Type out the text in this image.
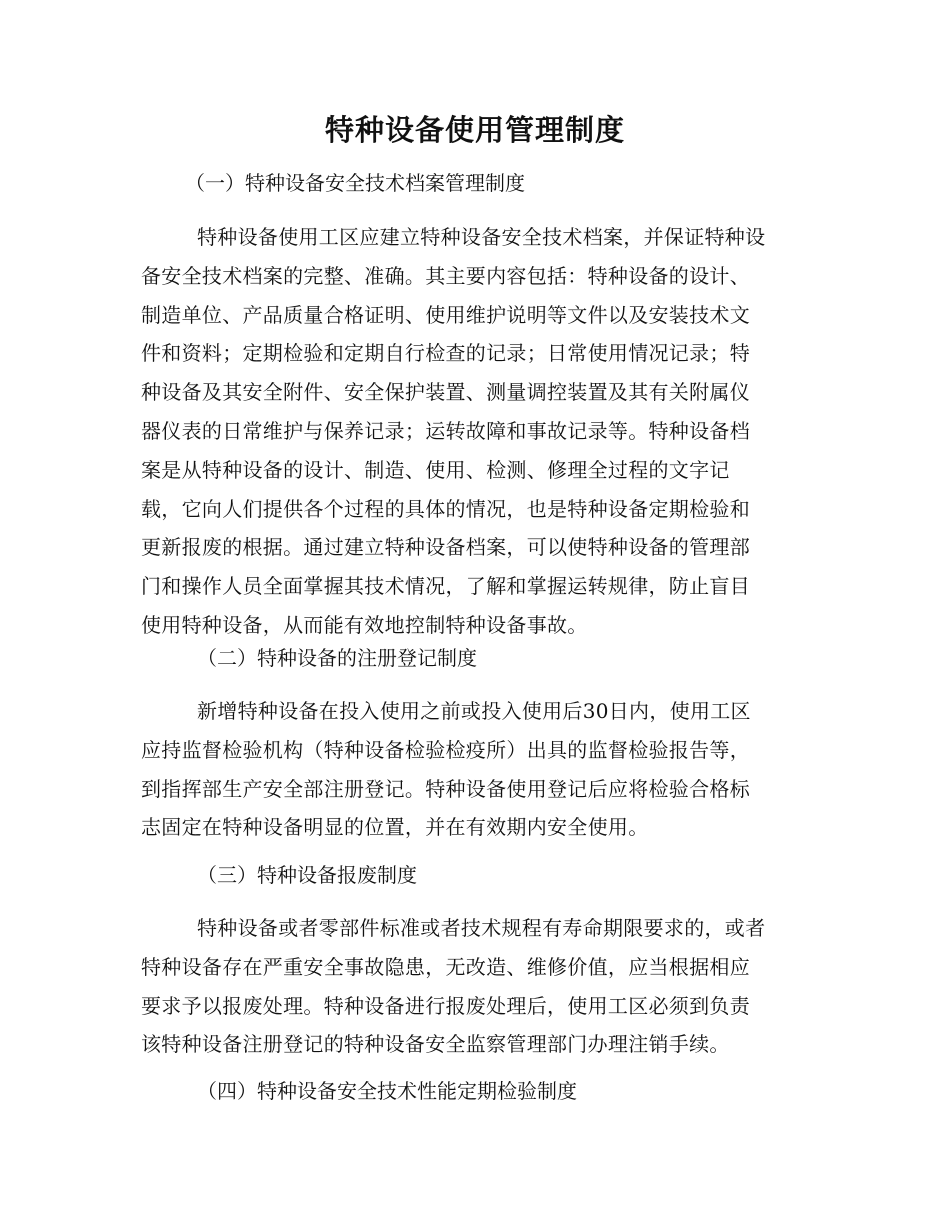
特种设备使用管理制度
（一）特种设备安全技术档案管理制度
特种设备使用工区应建立特种设备安全技术档案，并保证特种设
备安全技术档案的完整、准确。其主要内容包括：特种设备的设计、
制造单位、产品质量合格证明、使用维护说明等文件以及安装技术文
件和资料；定期检验和定期自行检查的记录；日常使用情况记录；特
种设备及其安全附件、安全保护装置、测量调控装置及其有关附属仪
器仪表的日常维护与保养记录；运转故障和事故记录等。特种设备档
案是从特种设备的设计、制造、使用、检测、修理全过程的文字记
载，它向人们提供各个过程的具体的情况，也是特种设备定期检验和
更新报废的根据。通过建立特种设备档案，可以使特种设备的管理部
门和操作人员全面掌握其技术情况，了解和掌握运转规律，防止盲目
使用特种设备，从而能有效地控制特种设备事故。
（二）特种设备的注册登记制度
新增特种设备在投入使用之前或投入使用后30日内，使用工区
应持监督检验机构（特种设备检验检疫所）出具的监督检验报告等，
到指挥部生产安全部注册登记。特种设备使用登记后应将检验合格标
志固定在特种设备明显的位置，并在有效期内安全使用。
（三）特种设备报废制度
特种设备或者零部件标准或者技术规程有寿命期限要求的，或者
特种设备存在严重安全事故隐患，无改造、维修价值，应当根据相应
要求予以报废处理。特种设备进行报废处理后，使用工区必须到负责
该特种设备注册登记的特种设备安全监察管理部门办理注销手续。
（四）特种设备安全技术性能定期检验制度
